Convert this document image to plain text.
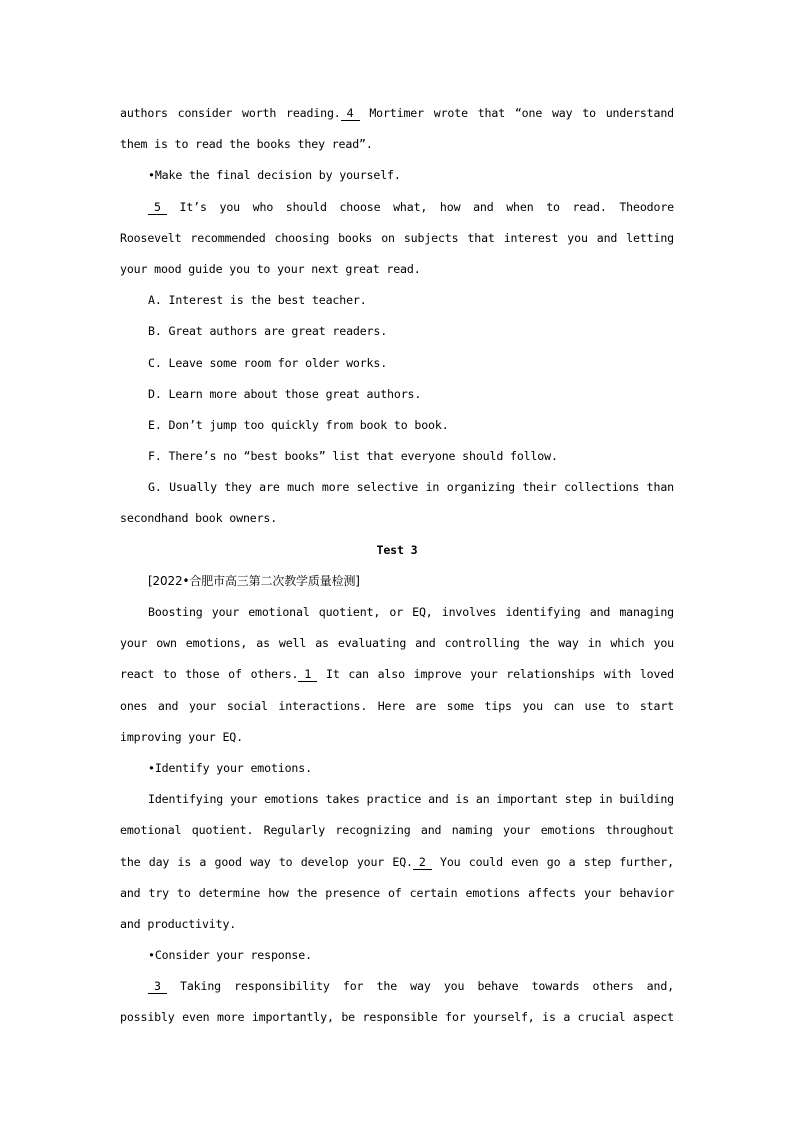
authors consider worth reading. 4 Mortimer wrote that “one way to understand
them is to read the books they read”.
•Make the final decision by yourself.
5 It’s you who should choose what, how and when to read. Theodore
Roosevelt recommended choosing books on subjects that interest you and letting
your mood guide you to your next great read.
A. Interest is the best teacher.
B. Great authors are great readers.
C. Leave some room for older works.
D. Learn more about those great authors.
E. Don’t jump too quickly from book to book.
F. There’s no “best books” list that everyone should follow.
G. Usually they are much more selective in organizing their collections than
secondhand book owners.
Test 3
[2022•合肥市高三第二次教学质量检测]
Boosting your emotional quotient, or EQ, involves identifying and managing
your own emotions, as well as evaluating and controlling the way in which you
react to those of others. 1 It can also improve your relationships with loved
ones and your social interactions. Here are some tips you can use to start
improving your EQ.
•Identify your emotions.
Identifying your emotions takes practice and is an important step in building
emotional quotient. Regularly recognizing and naming your emotions throughout
the day is a good way to develop your EQ. 2 You could even go a step further,
and try to determine how the presence of certain emotions affects your behavior
and productivity.
•Consider your response.
3 Taking responsibility for the way you behave towards others and,
possibly even more importantly, be responsible for yourself, is a crucial aspect
